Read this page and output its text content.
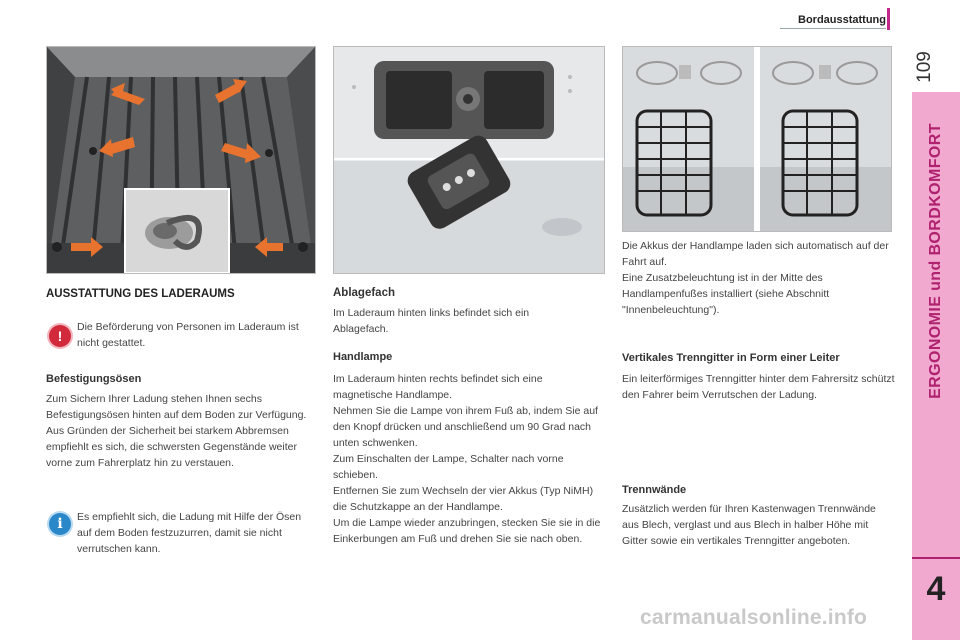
Bordausstattung
109
ERGONOMIE und BORDKOMFORT
4
AUSSTATTUNG DES LADERAUMS
!
Die Beförderung von Personen im Laderaum ist nicht gestattet.
Befestigungsösen
Zum Sichern Ihrer Ladung stehen Ihnen sechs Befestigungsösen hinten auf dem Boden zur Verfügung.
Aus Gründen der Sicherheit bei starkem Abbremsen empfiehlt es sich, die schwersten Gegenstände weiter vorne zum Fahrerplatz hin zu verstauen.
i	Es empfiehlt sich, die Ladung mit Hilfe der Ösen auf dem Boden festzuzurren, damit sie nicht verrutschen kann.
Ablagefach
Im Laderaum hinten links befindet sich ein Ablagefach.
Handlampe
Im Laderaum hinten rechts befindet sich eine magnetische Handlampe.
Nehmen Sie die Lampe von ihrem Fuß ab, indem Sie auf den Knopf drücken und anschließend um 90 Grad nach unten schwenken.
Zum Einschalten der Lampe, Schalter nach vorne schieben.
Entfernen Sie zum Wechseln der vier Akkus (Typ NiMH) die Schutzkappe an der Handlampe.
Um die Lampe wieder anzubringen, stecken Sie sie in die Einkerbungen am Fuß und drehen Sie sie nach oben.
Die Akkus der Handlampe laden sich automatisch auf der Fahrt auf.
Eine Zusatzbeleuchtung ist in der Mitte des Handlampenfußes installiert (siehe Abschnitt "Innenbeleuchtung").
Vertikales Trenngitter in Form einer Leiter
Ein leiterförmiges Trenngitter hinter dem Fahrersitz schützt den Fahrer beim Verrutschen der Ladung.
Trennwände
Zusätzlich werden für Ihren Kastenwagen Trennwände aus Blech, verglast und aus Blech in halber Höhe mit Gitter sowie ein vertikales Trenngitter angeboten.
carmanualsonline.info
